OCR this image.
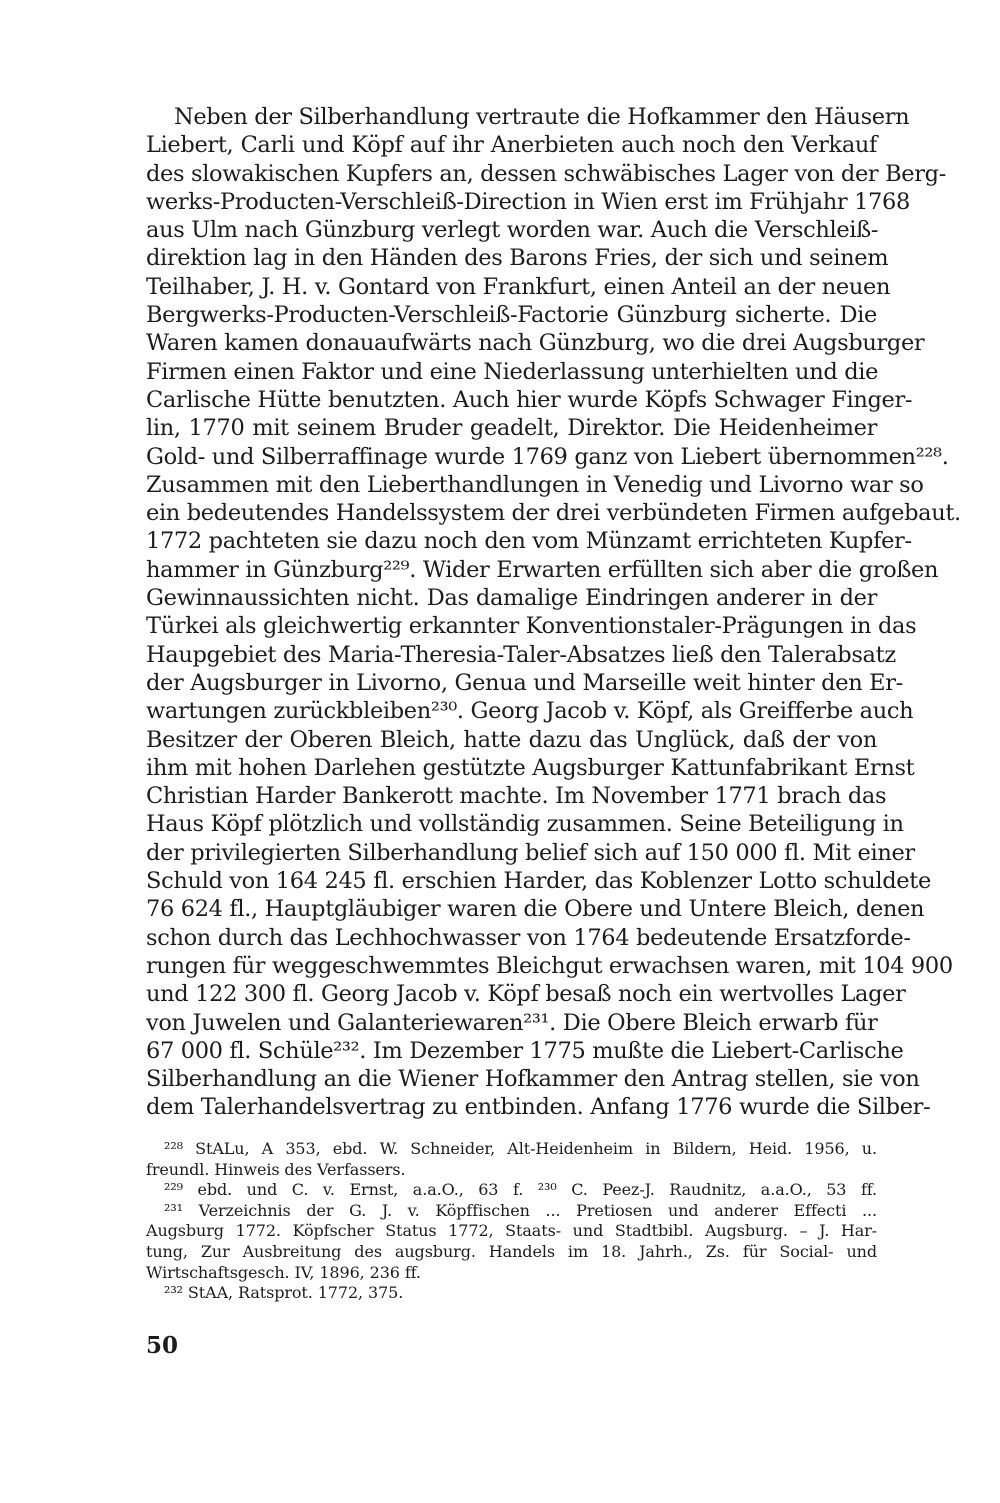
Neben der Silberhandlung vertraute die Hofkammer den Häusern
Liebert, Carli und Köpf auf ihr Anerbieten auch noch den Verkauf
des slowakischen Kupfers an, dessen schwäbisches Lager von der Berg-
werks-Producten-Verschleiß-Direction in Wien erst im Frühjahr 1768
aus Ulm nach Günzburg verlegt worden war. Auch die Verschleiß-
direktion lag in den Händen des Barons Fries, der sich und seinem
Teilhaber, J. H. v. Gontard von Frankfurt, einen Anteil an der neuen
Bergwerks-Producten-Verschleiß-Factorie Günzburg sicherte. Die
Waren kamen donauaufwärts nach Günzburg, wo die drei Augsburger
Firmen einen Faktor und eine Niederlassung unterhielten und die
Carlische Hütte benutzten. Auch hier wurde Köpfs Schwager Finger-
lin, 1770 mit seinem Bruder geadelt, Direktor. Die Heidenheimer
Gold- und Silberraffinage wurde 1769 ganz von Liebert übernommen²²⁸.
Zusammen mit den Lieberthandlungen in Venedig und Livorno war so
ein bedeutendes Handelssystem der drei verbündeten Firmen aufgebaut.
1772 pachteten sie dazu noch den vom Münzamt errichteten Kupfer-
hammer in Günzburg²²⁹. Wider Erwarten erfüllten sich aber die großen
Gewinnaussichten nicht. Das damalige Eindringen anderer in der
Türkei als gleichwertig erkannter Konventionstaler-Prägungen in das
Haupgebiet des Maria-Theresia-Taler-Absatzes ließ den Talerabsatz
der Augsburger in Livorno, Genua und Marseille weit hinter den Er-
wartungen zurückbleiben²³⁰. Georg Jacob v. Köpf, als Greifferbe auch
Besitzer der Oberen Bleich, hatte dazu das Unglück, daß der von
ihm mit hohen Darlehen gestützte Augsburger Kattunfabrikant Ernst
Christian Harder Bankerott machte. Im November 1771 brach das
Haus Köpf plötzlich und vollständig zusammen. Seine Beteiligung in
der privilegierten Silberhandlung belief sich auf 150 000 fl. Mit einer
Schuld von 164 245 fl. erschien Harder, das Koblenzer Lotto schuldete
76 624 fl., Hauptgläubiger waren die Obere und Untere Bleich, denen
schon durch das Lechhochwasser von 1764 bedeutende Ersatzforde-
rungen für weggeschwemmtes Bleichgut erwachsen waren, mit 104 900
und 122 300 fl. Georg Jacob v. Köpf besaß noch ein wertvolles Lager
von Juwelen und Galanteriewaren²³¹. Die Obere Bleich erwarb für
67 000 fl. Schüle²³². Im Dezember 1775 mußte die Liebert-Carlische
Silberhandlung an die Wiener Hofkammer den Antrag stellen, sie von
dem Talerhandelsvertrag zu entbinden. Anfang 1776 wurde die Silber-
²²⁸ StALu, A 353, ebd. W. Schneider, Alt-Heidenheim in Bildern, Heid. 1956, u.
freundl. Hinweis des Verfassers.
²²⁹ ebd. und C. v. Ernst, a.a.O., 63 f. ²³⁰ C. Peez-J. Raudnitz, a.a.O., 53 ff.
²³¹ Verzeichnis der G. J. v. Köpffischen ... Pretiosen und anderer Effecti ...
Augsburg 1772. Köpfscher Status 1772, Staats- und Stadtbibl. Augsburg. – J. Har-
tung, Zur Ausbreitung des augsburg. Handels im 18. Jahrh., Zs. für Social- und
Wirtschaftsgesch. IV, 1896, 236 ff.
²³² StAA, Ratsprot. 1772, 375.
50
